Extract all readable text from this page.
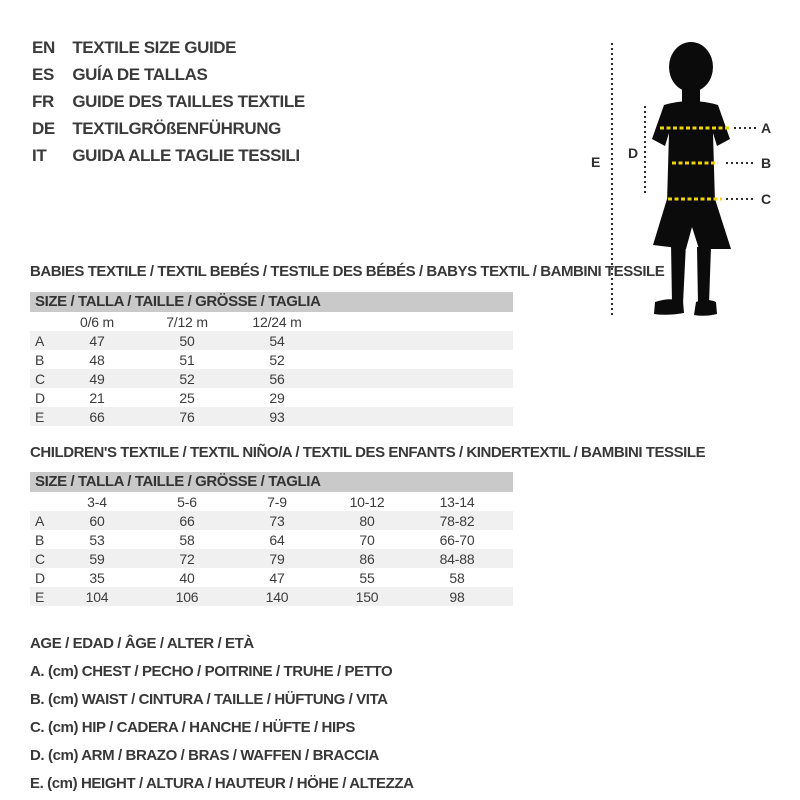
EN TEXTILE SIZE GUIDE
ES GUÍA DE TALLAS
FR GUIDE DES TAILLES TEXTILE
DE TEXTILGRÖßENFÜHRUNG
IT GUIDA ALLE TAGLIE TESSILI
A
B
C
D
E
BABIES TEXTILE / TEXTIL BEBÉS / TESTILE DES BÉBÉS / BABYS TEXTIL / BAMBINI TESSILE
SIZE / TALLA / TAILLE / GRÖSSE / TAGLIA
	0/6 m	7/12 m	12/24 m	
A	47	50	54	
B	48	51	52	
C	49	52	56	
D	21	25	29	
E	66	76	93	
CHILDREN'S TEXTILE / TEXTIL NIÑO/A / TEXTIL DES ENFANTS / KINDERTEXTIL / BAMBINI TESSILE
SIZE / TALLA / TAILLE / GRÖSSE / TAGLIA
	3-4	5-6	7-9	10-12	13-14	
A	60	66	73	80	78-82	
B	53	58	64	70	66-70	
C	59	72	79	86	84-88	
D	35	40	47	55	58	
E	104	106	140	150	98	
AGE / EDAD / ÂGE / ALTER / ETÀ
A. (cm) CHEST / PECHO / POITRINE / TRUHE / PETTO
B. (cm) WAIST / CINTURA / TAILLE / HÜFTUNG / VITA
C. (cm) HIP / CADERA / HANCHE / HÜFTE / HIPS
D. (cm) ARM / BRAZO / BRAS / WAFFEN / BRACCIA
E. (cm) HEIGHT / ALTURA / HAUTEUR / HÖHE / ALTEZZA
